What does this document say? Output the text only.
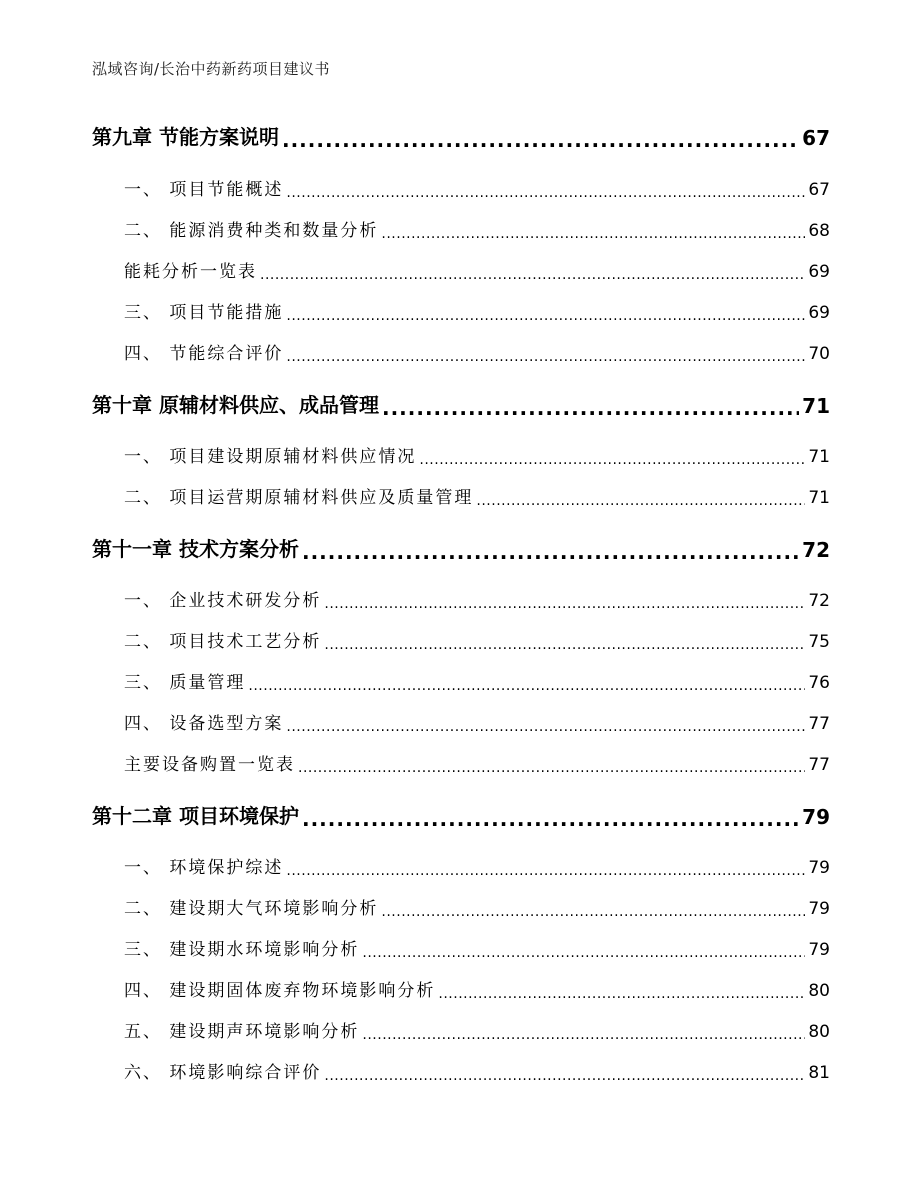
泓域咨询/长治中药新药项目建议书
第九章 节能方案说明 .....	67
一、 项目节能概述 .....	67
二、 能源消费种类和数量分析 .....	68
能耗分析一览表 .....	69
三、 项目节能措施 .....	69
四、 节能综合评价 .....	70
第十章 原辅材料供应、成品管理 .....	71
一、 项目建设期原辅材料供应情况 .....	71
二、 项目运营期原辅材料供应及质量管理 .....	71
第十一章 技术方案分析 .....	72
一、 企业技术研发分析 .....	72
二、 项目技术工艺分析 .....	75
三、 质量管理 .....	76
四、 设备选型方案 .....	77
主要设备购置一览表 .....	77
第十二章 项目环境保护 .....	79
一、 环境保护综述 .....	79
二、 建设期大气环境影响分析 .....	79
三、 建设期水环境影响分析 .....	79
四、 建设期固体废弃物环境影响分析 .....	80
五、 建设期声环境影响分析 .....	80
六、 环境影响综合评价 .....	81
